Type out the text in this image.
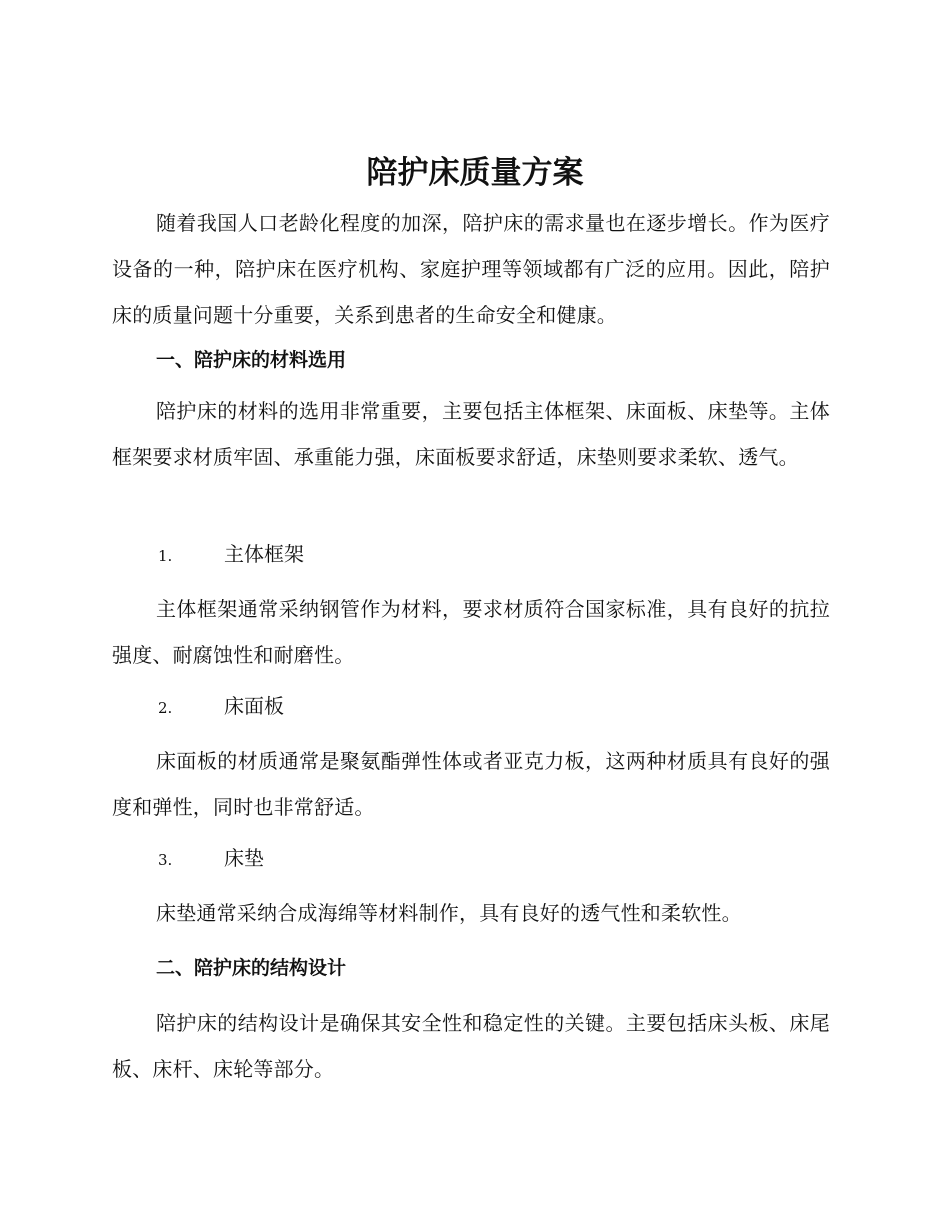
陪护床质量方案

随着我国人口老龄化程度的加深，陪护床的需求量也在逐步增长。作为医疗设备的一种，陪护床在医疗机构、家庭护理等领域都有广泛的应用。因此，陪护床的质量问题十分重要，关系到患者的生命安全和健康。

一、陪护床的材料选用

陪护床的材料的选用非常重要，主要包括主体框架、床面板、床垫等。主体框架要求材质牢固、承重能力强，床面板要求舒适，床垫则要求柔软、透气。

1.	主体框架

主体框架通常采纳钢管作为材料，要求材质符合国家标准，具有良好的抗拉强度、耐腐蚀性和耐磨性。

2.	床面板

床面板的材质通常是聚氨酯弹性体或者亚克力板，这两种材质具有良好的强度和弹性，同时也非常舒适。

3.	床垫

床垫通常采纳合成海绵等材料制作，具有良好的透气性和柔软性。

二、陪护床的结构设计

陪护床的结构设计是确保其安全性和稳定性的关键。主要包括床头板、床尾板、床杆、床轮等部分。
